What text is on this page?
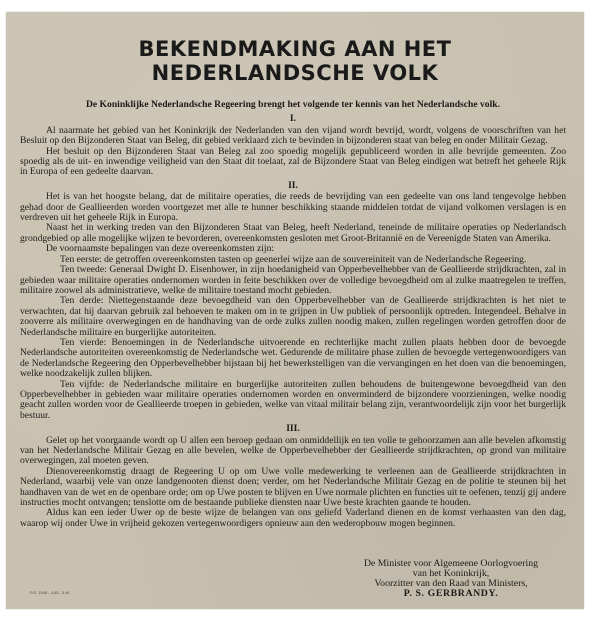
BEKENDMAKING AAN HET
NEDERLANDSCHE VOLK

De Koninklijke Nederlandsche Regeering brengt het volgende ter kennis van het Nederlandsche volk.

I.

Al naarmate het gebied van het Koninkrijk der Nederlanden van den vijand wordt bevrijd, wordt, volgens de voorschriften van het Besluit op den Bijzonderen Staat van Beleg, dit gebied verklaard zich te bevinden in bijzonderen staat van beleg en onder Militair Gezag.

Het besluit op den Bijzonderen Staat van Beleg zal zoo spoedig mogelijk gepubliceerd worden in alle bevrijde gemeenten. Zoo spoedig als de uit- en inwendige veiligheid van den Staat dit toelaat, zal de Bijzondere Staat van Beleg eindigen wat betreft het geheele Rijk in Europa of een gedeelte daarvan.

II.

Het is van het hoogste belang, dat de militaire operaties, die reeds de bevrijding van een gedeelte van ons land tengevolge hebben gehad door de Geallieerden worden voortgezet met alle te hunner beschikking staande middelen totdat de vijand volkomen verslagen is en verdreven uit het geheele Rijk in Europa.

Naast het in werking treden van den Bijzonderen Staat van Beleg, heeft Nederland, teneinde de militaire operaties op Nederlandsch grondgebied op alle mogelijke wijzen te bevorderen, overeenkomsten gesloten met Groot-Britannië en de Vereenigde Staten van Amerika.

De voornaamste bepalingen van deze overeenkomsten zijn:

Ten eerste: de getroffen overeenkomsten tasten op geenerlei wijze aan de souvereiniteit van de Nederlandsche Regeering.

Ten tweede: Generaal Dwight D. Eisenhower, in zijn hoedanigheid van Opperbevelhebber van de Geallieerde strijdkrachten, zal in gebieden waar militaire operaties ondernomen worden in feite beschikken over de volledige bevoegdheid om al zulke maatregelen te treffen, militaire zoowel als administratieve, welke de militaire toestand mocht gebieden.

Ten derde: Niettegenstaande deze bevoegdheid van den Opperbevelhebber van de Geallieerde strijdkrachten is het niet te verwachten, dat hij daarvan gebruik zal behoeven te maken om in te grijpen in Uw publiek of persoonlijk optreden. Integendeel. Behalve in zooverre als militaire overwegingen en de handhaving van de orde zulks zullen noodig maken, zullen regelingen worden getroffen door de Nederlandsche militaire en burgerlijke autoriteiten.

Ten vierde: Benoemingen in de Nederlandsche uitvoerende en rechterlijke macht zullen plaats hebben door de bevoegde Nederlandsche autoriteiten overeenkomstig de Nederlandsche wet. Gedurende de militaire phase zullen de bevoegde vertegenwoordigers van de Nederlandsche Regeering den Opperbevelhebber bijstaan bij het bewerkstelligen van die vervangingen en het doen van die benoemingen, welke noodzakelijk zullen blijken.

Ten vijfde: de Nederlandsche militaire en burgerlijke autoriteiten zullen behoudens de buitengewone bevoegdheid van den Opperbevelhebber in gebieden waar militaire operaties ondernomen worden en onverminderd de bijzondere voorzieningen, welke noodig geacht zullen worden voor de Geallieerde troepen in gebieden, welke van vitaal militair belang zijn, verantwoordelijk zijn voor het burgerlijk bestuur.

III.

Gelet op het voorgaande wordt op U allen een beroep gedaan om onmiddellijk en ten volle te gehoorzamen aan alle bevelen afkomstig van het Nederlandsche Militair Gezag en alle bevelen, welke de Opperbevelhebber der Geallieerde strijdkrachten, op grond van militaire overwegingen, zal moeten geven.

Dienovereenkomstig draagt de Regeering U op om Uwe volle medewerking te verleenen aan de Geallieerde strijdkrachten in Nederland, waarbij vele van onze landgenooten dienst doen; verder, om het Nederlandsche Militair Gezag en de politie te steunen bij het handhaven van de wet en de openbare orde; om op Uwe posten te blijven en Uwe normale plichten en functies uit te oefenen, tenzij gij andere instructies mocht ontvangen; tenslotte om de bestaande publieke diensten naar Uwe beste krachten gaande te houden.

Aldus kan een ieder Uwer op de beste wijze de belangen van ons geliefd Vaderland dienen en de komst verhaasten van den dag, waarop wij onder Uwe in vrijheid gekozen vertegenwoordigers opnieuw aan den wederopbouw mogen beginnen.

De Minister voor Algemeene Oorlogvoering
van het Koninkrijk,
Voorzitter van den Raad van Ministers,
P. S. GERBRANDY.
P.S. 1945 - 4-45 - 3 M.
